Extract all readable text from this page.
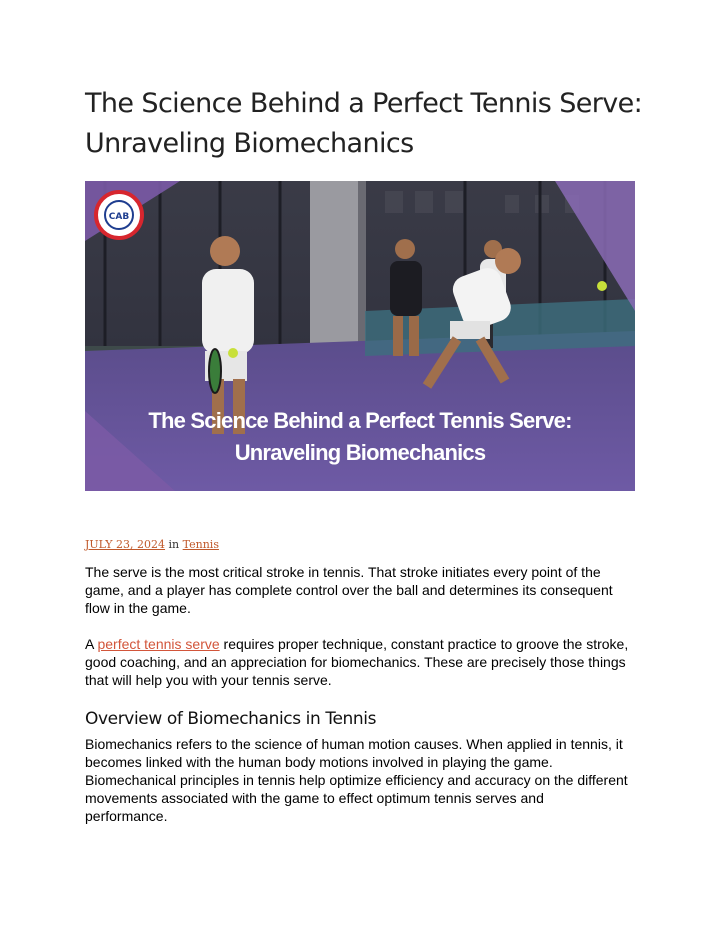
The Science Behind a Perfect Tennis Serve:
Unraveling Biomechanics
CAB
The Science Behind a Perfect Tennis Serve:
Unraveling Biomechanics
JULY 23, 2024 in Tennis

The serve is the most critical stroke in tennis. That stroke initiates every point of the game, and a player has complete control over the ball and determines its consequent flow in the game.

A perfect tennis serve requires proper technique, constant practice to groove the stroke, good coaching, and an appreciation for biomechanics. These are precisely those things that will help you with your tennis serve.

Overview of Biomechanics in Tennis

Biomechanics refers to the science of human motion causes. When applied in tennis, it becomes linked with the human body motions involved in playing the game. Biomechanical principles in tennis help optimize efficiency and accuracy on the different movements associated with the game to effect optimum tennis serves and performance.
